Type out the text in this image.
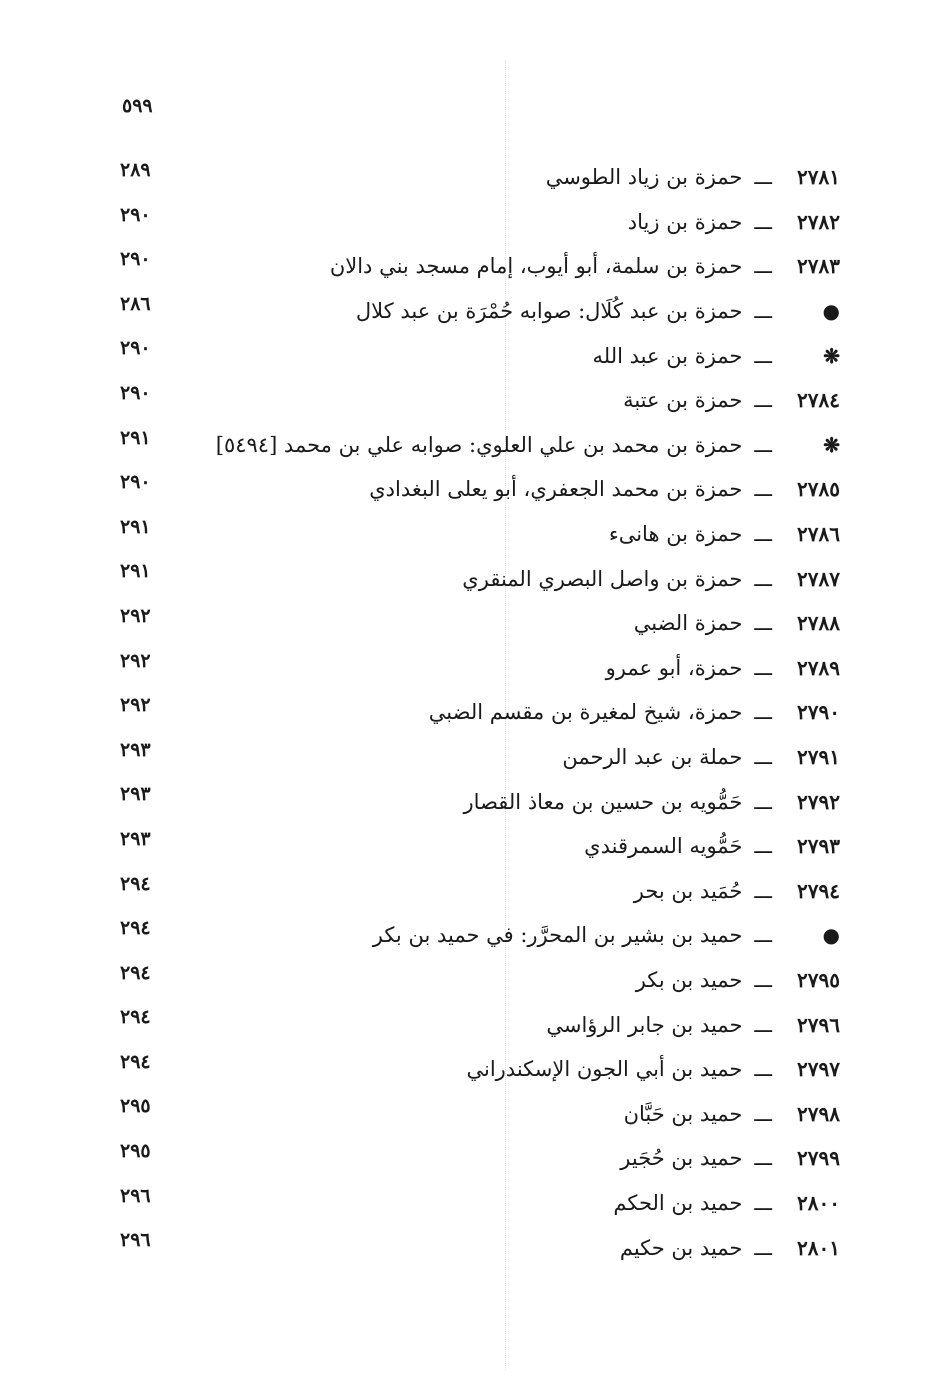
٥٩٩
٢٧٨١
ـــ
حمزة بن زياد الطوسي
٢٨٩
٢٧٨٢
ـــ
حمزة بن زياد
٢٩٠
٢٧٨٣
ـــ
حمزة بن سلمة، أبو أيوب، إمام مسجد بني دالان
٢٩٠
●
ـــ
حمزة بن عبد كُلَال: صوابه حُمْرَة بن عبد كلال
٢٨٦
❋
ـــ
حمزة بن عبد الله
٢٩٠
٢٧٨٤
ـــ
حمزة بن عتبة
٢٩٠
❋
ـــ
حمزة بن محمد بن علي العلوي: صوابه علي بن محمد [٥٤٩٤]
٢٩١
٢٧٨٥
ـــ
حمزة بن محمد الجعفري، أبو يعلى البغدادي
٢٩٠
٢٧٨٦
ـــ
حمزة بن هانىء
٢٩١
٢٧٨٧
ـــ
حمزة بن واصل البصري المنقري
٢٩١
٢٧٨٨
ـــ
حمزة الضبي
٢٩٢
٢٧٨٩
ـــ
حمزة، أبو عمرو
٢٩٢
٢٧٩٠
ـــ
حمزة، شيخ لمغيرة بن مقسم الضبي
٢٩٢
٢٧٩١
ـــ
حملة بن عبد الرحمن
٢٩٣
٢٧٩٢
ـــ
حَمُّويه بن حسين بن معاذ القصار
٢٩٣
٢٧٩٣
ـــ
حَمُّويه السمرقندي
٢٩٣
٢٧٩٤
ـــ
حُمَيد بن بحر
٢٩٤
●
ـــ
حميد بن بشير بن المحرَّر: في حميد بن بكر
٢٩٤
٢٧٩٥
ـــ
حميد بن بكر
٢٩٤
٢٧٩٦
ـــ
حميد بن جابر الرؤاسي
٢٩٤
٢٧٩٧
ـــ
حميد بن أبي الجون الإسكندراني
٢٩٤
٢٧٩٨
ـــ
حميد بن حَبَّان
٢٩٥
٢٧٩٩
ـــ
حميد بن حُجَير
٢٩٥
٢٨٠٠
ـــ
حميد بن الحكم
٢٩٦
٢٨٠١
ـــ
حميد بن حكيم
٢٩٦
